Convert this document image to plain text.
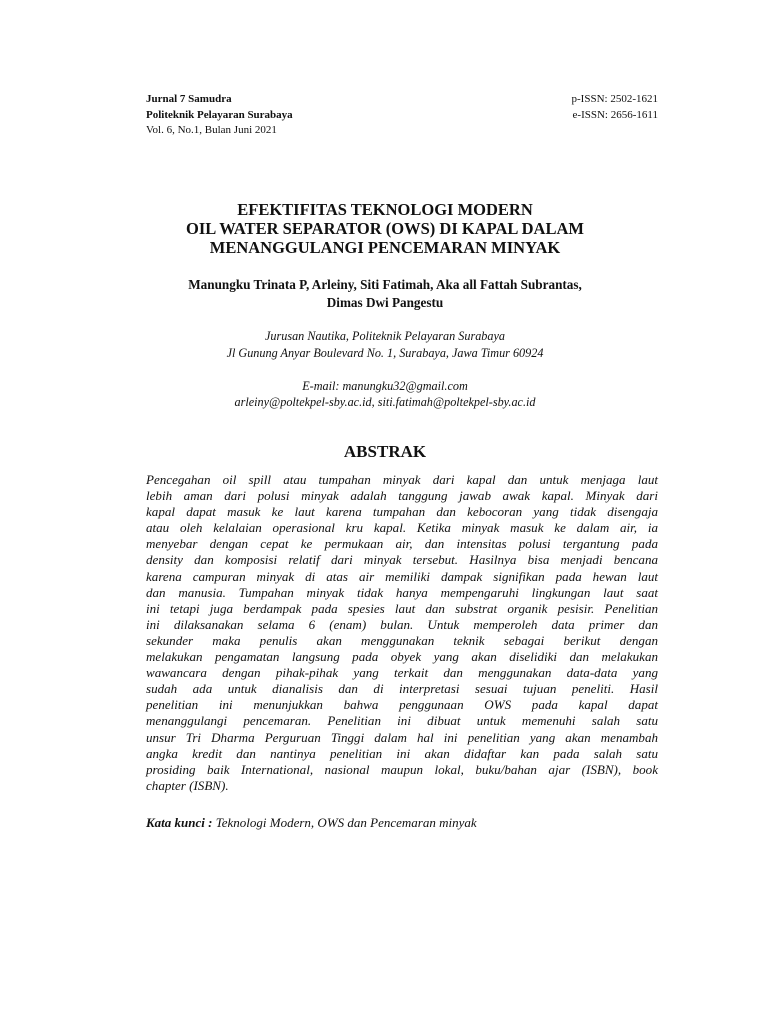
Jurnal 7 Samudra
Politeknik Pelayaran Surabaya
Vol. 6, No.1, Bulan Juni 2021
p-ISSN: 2502-1621
e-ISSN: 2656-1611
EFEKTIFITAS TEKNOLOGI MODERN
OIL WATER SEPARATOR (OWS) DI KAPAL DALAM
MENANGGULANGI PENCEMARAN MINYAK
Manungku Trinata P, Arleiny, Siti Fatimah, Aka all Fattah Subrantas,
Dimas Dwi Pangestu
Jurusan Nautika, Politeknik Pelayaran Surabaya
Jl Gunung Anyar Boulevard No. 1, Surabaya, Jawa Timur 60924
E-mail: manungku32@gmail.com
arleiny@poltekpel-sby.ac.id, siti.fatimah@poltekpel-sby.ac.id
ABSTRAK
Pencegahan oil spill atau tumpahan minyak dari kapal dan untuk menjaga laut
lebih aman dari polusi minyak adalah tanggung jawab awak kapal. Minyak dari
kapal dapat masuk ke laut karena tumpahan dan kebocoran yang tidak disengaja
atau oleh kelalaian operasional kru kapal. Ketika minyak masuk ke dalam air, ia
menyebar dengan cepat ke permukaan air, dan intensitas polusi tergantung pada
density dan komposisi relatif dari minyak tersebut. Hasilnya bisa menjadi bencana
karena campuran minyak di atas air memiliki dampak signifikan pada hewan laut
dan manusia. Tumpahan minyak tidak hanya mempengaruhi lingkungan laut saat
ini tetapi juga berdampak pada spesies laut dan substrat organik pesisir. Penelitian
ini dilaksanakan selama 6 (enam) bulan. Untuk memperoleh data primer dan
sekunder maka penulis akan menggunakan teknik sebagai berikut dengan
melakukan pengamatan langsung pada obyek yang akan diselidiki dan melakukan
wawancara dengan pihak-pihak yang terkait dan menggunakan data-data yang
sudah ada untuk dianalisis dan di interpretasi sesuai tujuan peneliti. Hasil
penelitian ini menunjukkan bahwa penggunaan OWS pada kapal dapat
menanggulangi pencemaran. Penelitian ini dibuat untuk memenuhi salah satu
unsur Tri Dharma Perguruan Tinggi dalam hal ini penelitian yang akan menambah
angka kredit dan nantinya penelitian ini akan didaftar kan pada salah satu
prosiding baik International, nasional maupun lokal, buku/bahan ajar (ISBN), book
chapter (ISBN).
Kata kunci : Teknologi Modern, OWS dan Pencemaran minyak
